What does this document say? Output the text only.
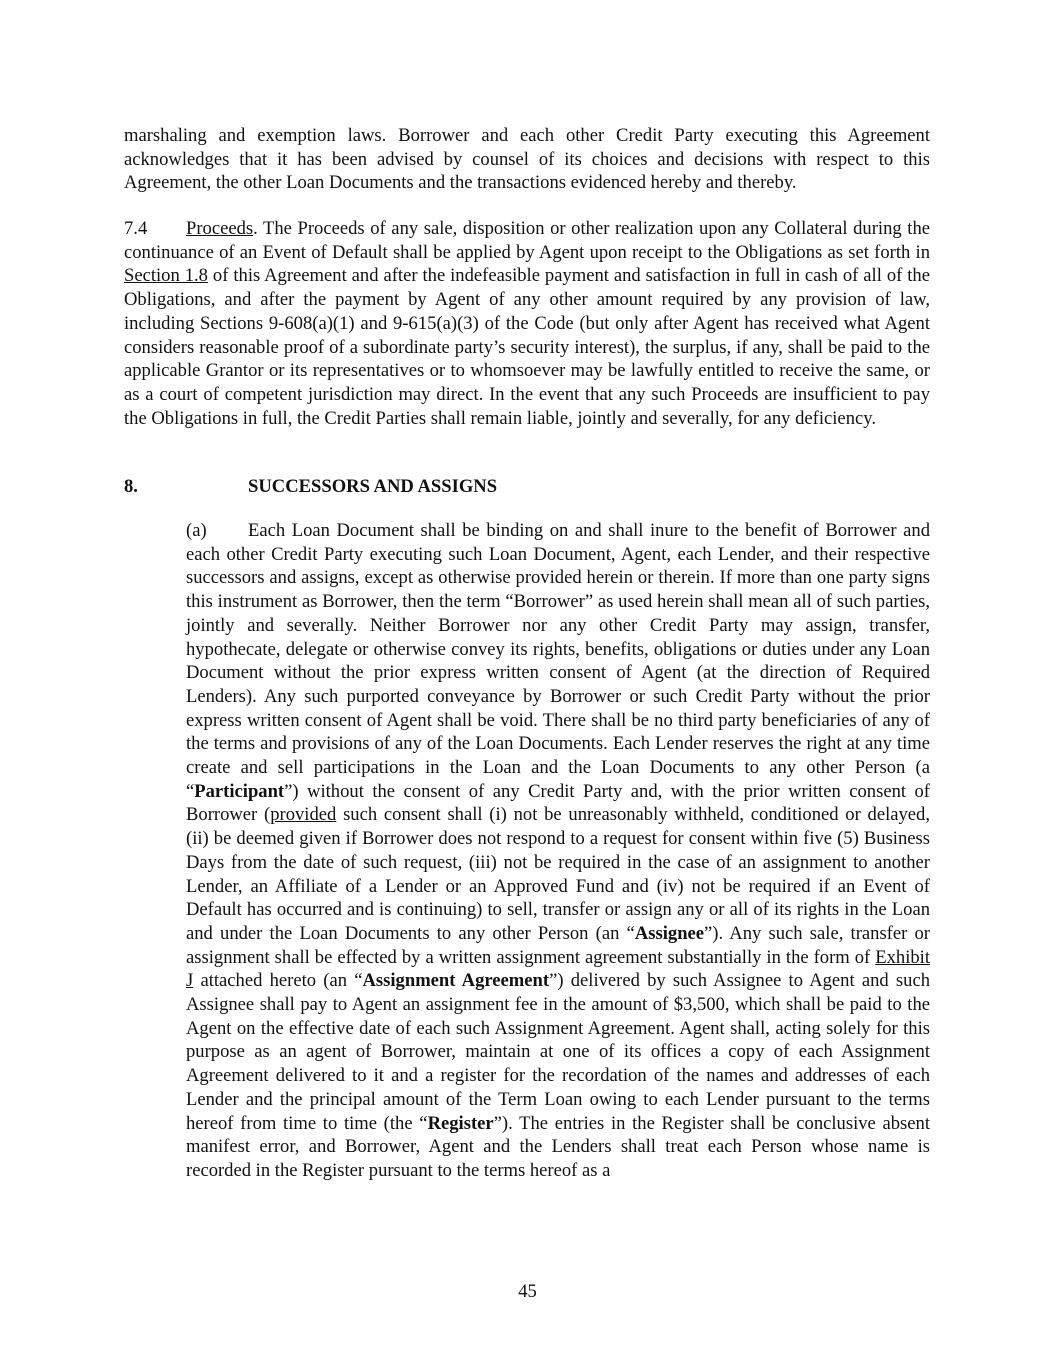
marshaling and exemption laws. Borrower and each other Credit Party executing this Agreement acknowledges that it has been advised by counsel of its choices and decisions with respect to this Agreement, the other Loan Documents and the transactions evidenced hereby and thereby.

7.4 Proceeds. The Proceeds of any sale, disposition or other realization upon any Collateral during the continuance of an Event of Default shall be applied by Agent upon receipt to the Obligations as set forth in Section 1.8 of this Agreement and after the indefeasible payment and satisfaction in full in cash of all of the Obligations, and after the payment by Agent of any other amount required by any provision of law, including Sections 9-608(a)(1) and 9-615(a)(3) of the Code (but only after Agent has received what Agent considers reasonable proof of a subordinate party’s security interest), the surplus, if any, shall be paid to the applicable Grantor or its representatives or to whomsoever may be lawfully entitled to receive the same, or as a court of competent jurisdiction may direct. In the event that any such Proceeds are insufficient to pay the Obligations in full, the Credit Parties shall remain liable, jointly and severally, for any deficiency.

8.	SUCCESSORS AND ASSIGNS

(a) Each Loan Document shall be binding on and shall inure to the benefit of Borrower and each other Credit Party executing such Loan Document, Agent, each Lender, and their respective successors and assigns, except as otherwise provided herein or therein. If more than one party signs this instrument as Borrower, then the term “Borrower” as used herein shall mean all of such parties, jointly and severally. Neither Borrower nor any other Credit Party may assign, transfer, hypothecate, delegate or otherwise convey its rights, benefits, obligations or duties under any Loan Document without the prior express written consent of Agent (at the direction of Required Lenders). Any such purported conveyance by Borrower or such Credit Party without the prior express written consent of Agent shall be void. There shall be no third party beneficiaries of any of the terms and provisions of any of the Loan Documents. Each Lender reserves the right at any time create and sell participations in the Loan and the Loan Documents to any other Person (a “Participant”) without the consent of any Credit Party and, with the prior written consent of Borrower (provided such consent shall (i) not be unreasonably withheld, conditioned or delayed, (ii) be deemed given if Borrower does not respond to a request for consent within five (5) Business Days from the date of such request, (iii) not be required in the case of an assignment to another Lender, an Affiliate of a Lender or an Approved Fund and (iv) not be required if an Event of Default has occurred and is continuing) to sell, transfer or assign any or all of its rights in the Loan and under the Loan Documents to any other Person (an “Assignee”). Any such sale, transfer or assignment shall be effected by a written assignment agreement substantially in the form of Exhibit J attached hereto (an “Assignment Agreement”) delivered by such Assignee to Agent and such Assignee shall pay to Agent an assignment fee in the amount of $3,500, which shall be paid to the Agent on the effective date of each such Assignment Agreement. Agent shall, acting solely for this purpose as an agent of Borrower, maintain at one of its offices a copy of each Assignment Agreement delivered to it and a register for the recordation of the names and addresses of each Lender and the principal amount of the Term Loan owing to each Lender pursuant to the terms hereof from time to time (the “Register”). The entries in the Register shall be conclusive absent manifest error, and Borrower, Agent and the Lenders shall treat each Person whose name is recorded in the Register pursuant to the terms hereof as a

45
